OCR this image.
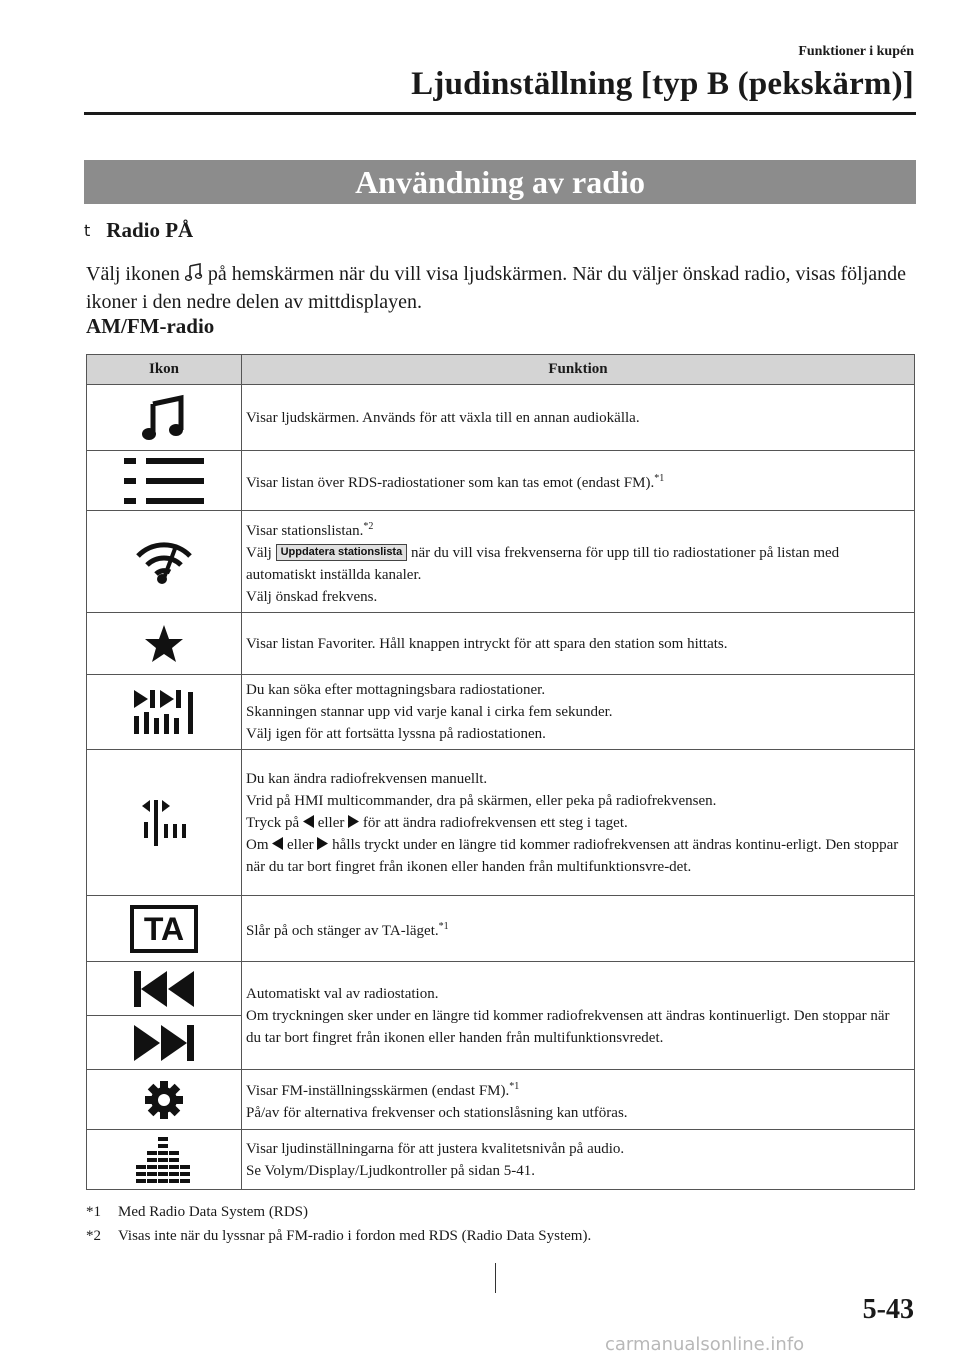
Funktioner i kupén
Ljudinställning [typ B (pekskärm)]
Användning av radio
t Radio PÅ
Välj ikonen  på hemskärmen när du vill visa ljudskärmen. När du väljer önskad radio, visas följande ikoner i den nedre delen av mittdisplayen.
AM/FM-radio
Ikon	Funktion

	Visar ljudskärmen. Används för att växla till en annan audiokälla.

	Visar listan över RDS-radiostationer som kan tas emot (endast FM).$^{*1}$

	Visar stationslistan.$^{*2}$
Välj Uppdatera stationslista när du vill visa frekvenserna för upp till tio radiostationer på listan med automatiskt inställda kanaler.
Välj önskad frekvens.

	Visar listan Favoriter. Håll knappen intryckt för att spara den station som hittats.

	Du kan söka efter mottagningsbara radiostationer.
Skanningen stannar upp vid varje kanal i cirka fem sekunder.
Välj igen för att fortsätta lyssna på radiostationen.

	Du kan ändra radiofrekvensen manuellt.
Vrid på HMI multicommander, dra på skärmen, eller peka på radiofrekvensen.
Tryck på  eller  för att ändra radiofrekvensen ett steg i taget.
Om  eller  hålls tryckt under en längre tid kommer radiofrekvensen att ändras kontinu-erligt. Den stoppar när du tar bort fingret från ikonen eller handen från multifunktionsvre-det.

TA	Slår på och stänger av TA-läget.$^{*1}$

	Automatiskt val av radiostation.
Om tryckningen sker under en längre tid kommer radiofrekvensen att ändras kontinuerligt. Den stoppar när du tar bort fingret från ikonen eller handen från multifunktionsvredet.

	Visar FM-inställningsskärmen (endast FM).$^{*1}$
På/av för alternativa frekvenser och stationslåsning kan utföras.

	Visar ljudinställningarna för att justera kvalitetsnivån på audio.
Se Volym/Display/Ljudkontroller på sidan 5-41.
*1	Med Radio Data System (RDS)
*2	Visas inte när du lyssnar på FM-radio i fordon med RDS (Radio Data System).
5-43
carmanualsonline.info
